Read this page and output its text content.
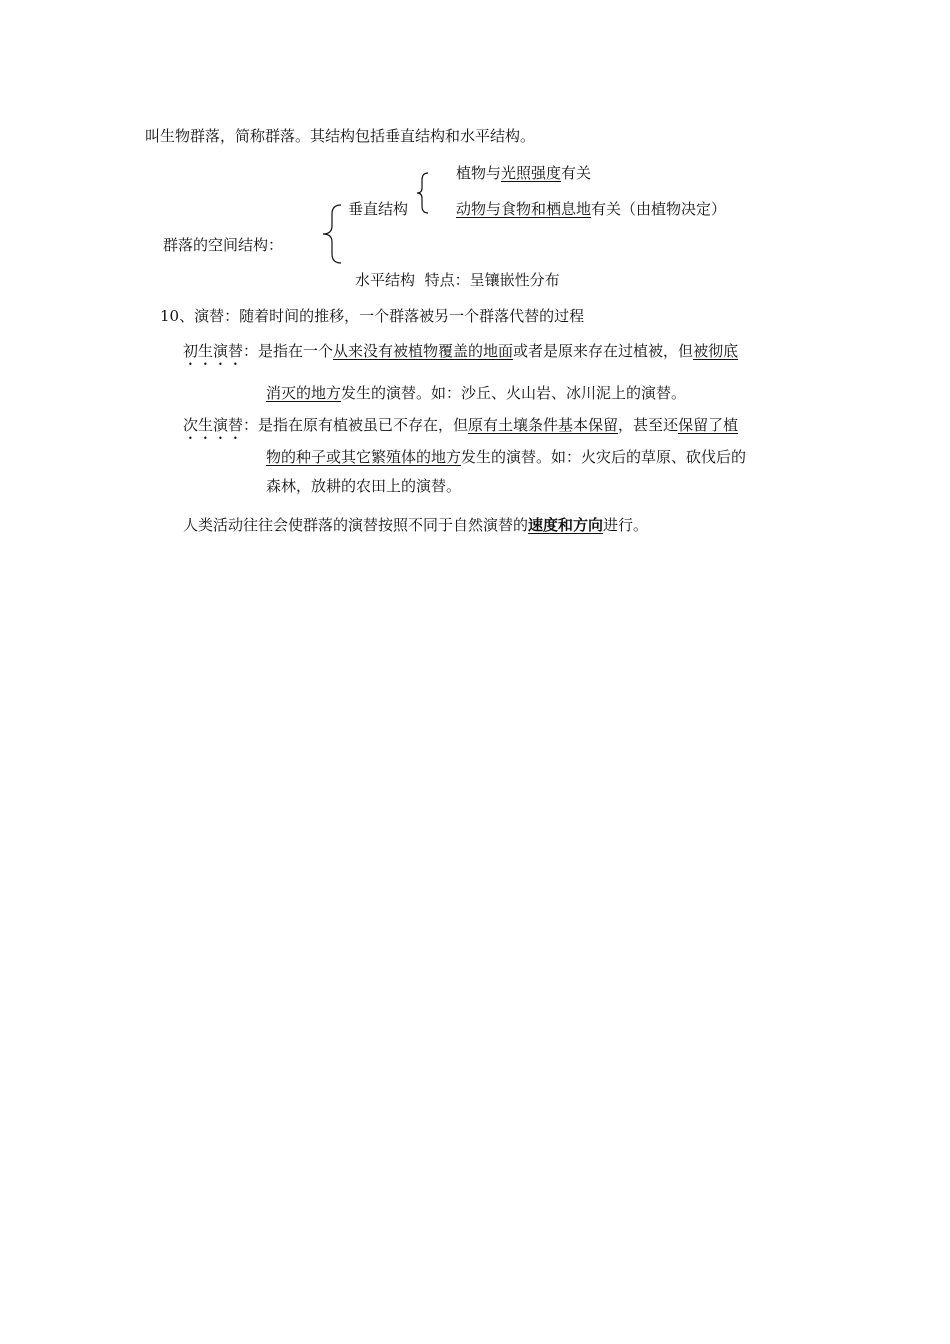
叫生物群落，简称群落。其结构包括垂直结构和水平结构。
植物与光照强度有关
动物与食物和栖息地有关（由植物决定）
垂直结构
群落的空间结构：
水平结构 特点：呈镶嵌性分布
10、演替：随着时间的推移，一个群落被另一个群落代替的过程
初生演替：是指在一个从来没有被植物覆盖的地面或者是原来存在过植被，但被彻底
消灭的地方发生的演替。如：沙丘、火山岩、冰川泥上的演替。
次生演替：是指在原有植被虽已不存在，但原有土壤条件基本保留，甚至还保留了植
物的种子或其它繁殖体的地方发生的演替。如：火灾后的草原、砍伐后的
森林，放耕的农田上的演替。
人类活动往往会使群落的演替按照不同于自然演替的速度和方向进行。
